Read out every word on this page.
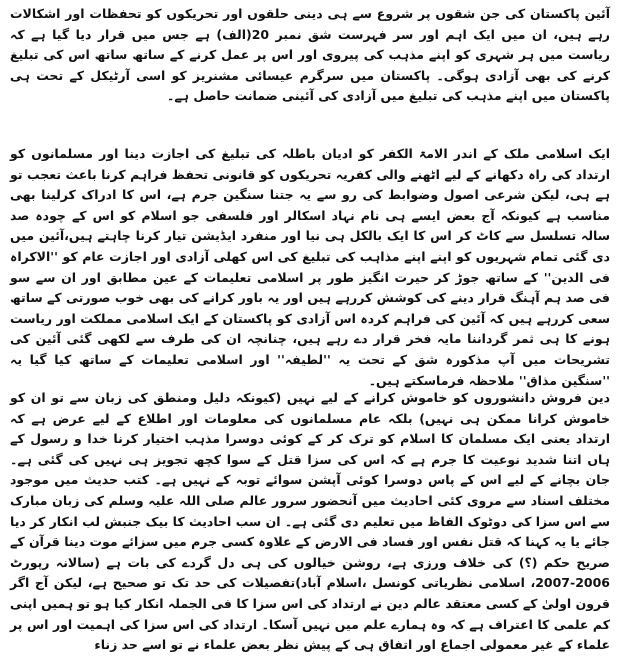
آئین پاکستان کی جن شقوں پر شروع سے ہی دینی حلقوں اور تحریکوں کو تحفظات اور اشکالات رہے ہیں، ان میں ایک اہم اور سر فہرست شق نمبر 20(الف) ہے جس میں قرار دیا گیا ہے کہ ریاست میں ہر شہری کو اپنے مذہب کی پیروی اور اس پر عمل کرنے کے ساتھ ساتھ اس کی تبلیغ کرنے کی بھی آزادی ہوگی۔ پاکستان میں سرگرم عیسائی مشنریز کو اسی آرٹیکل کے تحت ہی پاکستان میں اپنے مذہب کی تبلیغ میں آزادی کی آئینی ضمانت حاصل ہے۔

ایک اسلامی ملک کے اندر الامۃ الکفر کو ادیان باطلہ کی تبلیغ کی اجازت دینا اور مسلمانوں کو ارتداد کی راہ دکھانے کے لیے اٹھنے والی کفریہ تحریکوں کو قانونی تحفظ فراہم کرنا باعث تعجب تو ہے ہی، لیکن شرعی اصول وضوابط کی رو سے یہ جتنا سنگین جرم ہے، اس کا ادراک کرلینا بھی مناسب ہے کیونکہ آج بعض ایسے ہی نام نہاد اسکالر اور فلسفی جو اسلام کو اس کے چودہ صد سالہ تسلسل سے کاٹ کر اس کا ایک بالکل ہی نیا اور منفرد ایڈیشن تیار کرنا چاہتے ہیں،آئین میں دی گئی تمام شہریوں کو اپنے اپنے مذاہب کی تبلیغ کی اس کھلی آزادی اور اجازت عام کو ''الاکراہ فی الدین'' کے ساتھ جوڑ کر حیرت انگیز طور پر اسلامی تعلیمات کے عین مطابق اور ان سے سو فی صد ہم آہنگ قرار دینے کی کوشش کررہے ہیں اور یہ باور کرانے کی بھی خوب صورتی کے ساتھ سعی کررہے ہیں کہ آئین کی فراہم کردہ اس آزادی کو پاکستان کے ایک اسلامی مملکت اور ریاست ہونے کا ہی ثمر گرداننا مایہ فخر قرار دے رہے ہیں، چنانچہ ان کی طرف سے لکھی گئی آئین کی تشریحات میں آپ مذکورہ شق کے تحت یہ ''لطیفہ'' اور اسلامی تعلیمات کے ساتھ کیا گیا یہ ''سنگین مذاق'' ملاحظہ فرماسکتے ہیں۔

دین فروش دانشوروں کو خاموش کرانے کے لیے نہیں (کیونکہ دلیل ومنطق کی زبان سے تو ان کو خاموش کرانا ممکن ہی نہیں) بلکہ عام مسلمانوں کی معلومات اور اطلاع کے لیے عرض ہے کہ ارتداد یعنی ایک مسلمان کا اسلام کو ترک کر کے کوئی دوسرا مذہب اختیار کرنا خدا و رسول کے ہاں اتنا شدید نوعیت کا جرم ہے کہ اس کی سزا قتل کے سوا کچھ تجویز ہی نہیں کی گئی ہے۔ جان بچانے کے لیے اس کے پاس دوسرا کوئی آپشن سوائے توبہ کے نہیں ہے۔ کتب حدیث میں موجود مختلف اسناد سے مروی کئی احادیث میں آنحضور سرور عالم صلی اللہ علیہ وسلم کی زبان مبارک سے اس سزا کی دوٹوک الفاظ میں تعلیم دی گئی ہے۔ ان سب احادیث کا بیک جنبش لب انکار کر دیا جائے یا یہ کہنا کہ قتل نفس اور فساد فی الارض کے علاوہ کسی جرم میں سزائے موت دینا قرآن کے صریح حکم (؟) کی خلاف ورزی ہے، روشن خیالوں کی ہی دل گردے کی بات ہے (سالانہ رپورٹ 2006-2007، اسلامی نظریاتی کونسل ،اسلام آباد)تفصیلات کی حد تک تو صحیح ہے، لیکن آج اگر قرون اولیٰ کے کسی معتقد عالم دین نے ارتداد کی اس سزا کا فی الجملہ انکار کیا ہو تو ہمیں اپنی کم علمی کا اعتراف ہے کہ وہ ہمارے علم میں نہیں آسکا۔ ارتداد کی اس سزا کی اہمیت اور اس پر علماء کے غیر معمولی اجماع اور اتفاق ہی کے پیش نظر بعض علماء نے تو اسے حد زناء
